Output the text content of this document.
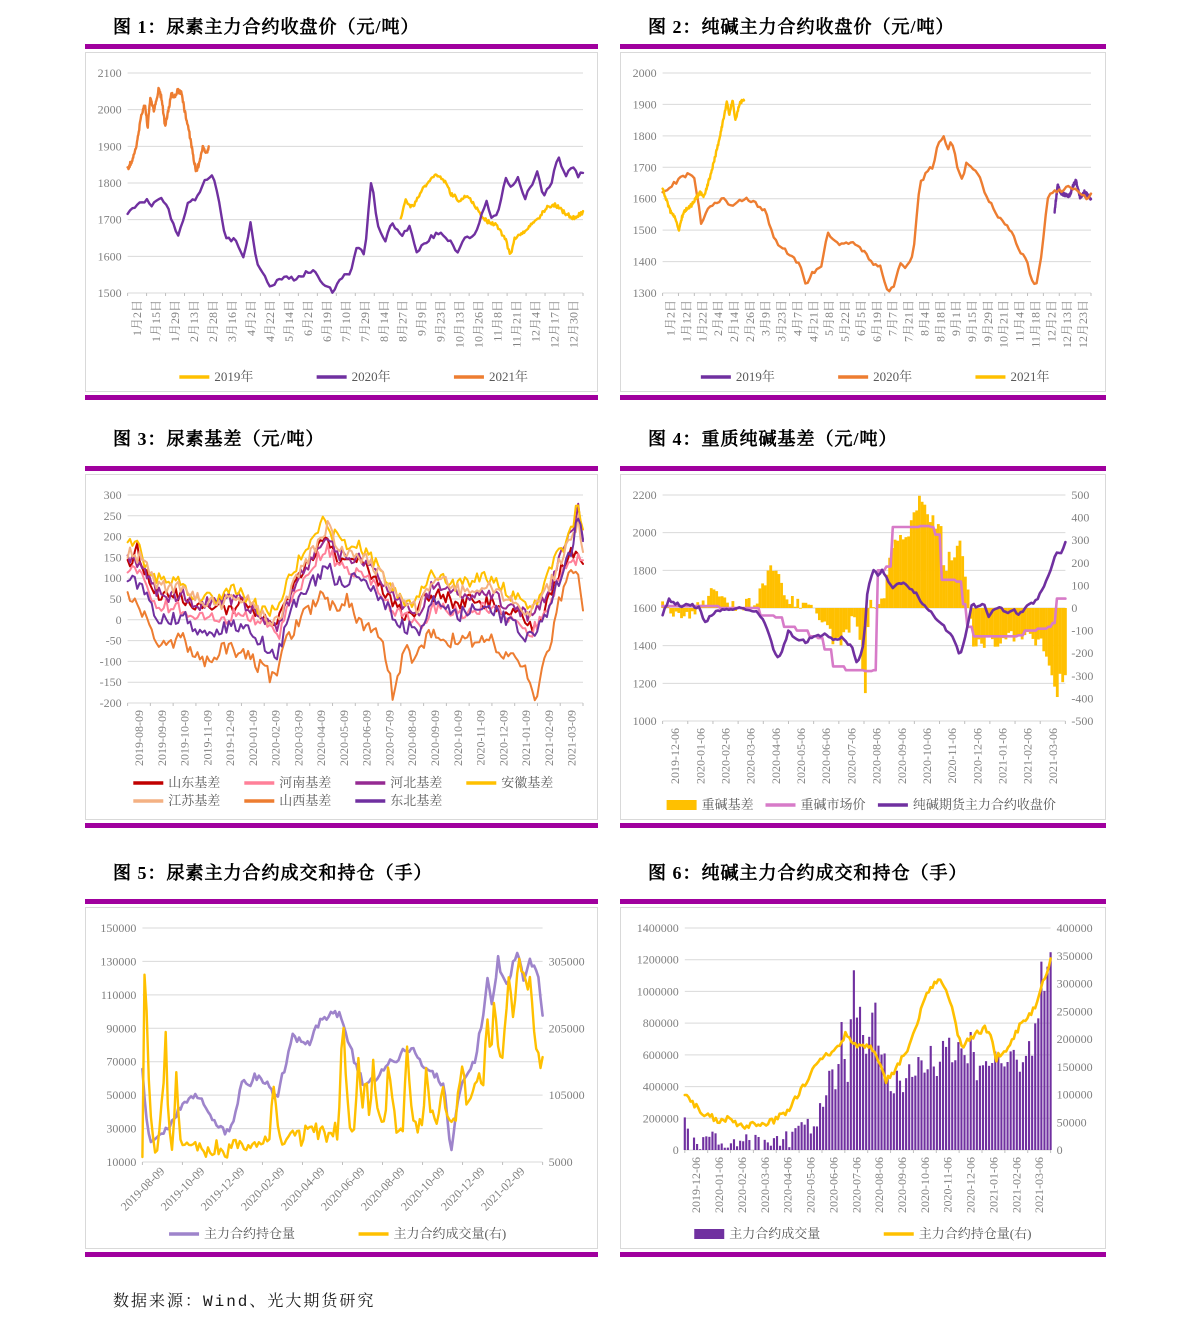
图 1：尿素主力合约收盘价（元/吨）
2100
2000
1900
1800
1700
1600
1500
1月2日 1月15日 1月29日 2月13日 2月28日 3月16日 4月2日 4月22日 5月14日 6月2日 6月19日 7月10日 7月29日 8月14日 8月27日 9月9日 9月23日 10月13日 10月26日 11月8日 11月21日 12月4日 12月17日 12月30日
2019年	2020年	2021年
图 2：纯碱主力合约收盘价（元/吨）
2000
1900
1800
1700
1600
1500
1400
1300
1月2日 1月12日 1月22日 2月4日 2月14日 2月26日 3月9日 3月23日 4月7日 4月21日 5月8日 5月22日 6月5日 6月19日 7月7日 7月21日 8月4日 8月18日 9月1日 9月15日 9月29日 10月21日 11月4日 11月18日 12月2日 12月13日 12月23日
2019年	2020年	2021年
图 3：尿素基差（元/吨）
300
250
200
150
100
50
0
-50
-100
-150
-200
2019-08-09 2019-09-09 2019-10-09 2019-11-09 2019-12-09 2020-01-09 2020-02-09 2020-03-09 2020-04-09 2020-05-09 2020-06-09 2020-07-09 2020-08-09 2020-09-09 2020-10-09 2020-11-09 2020-12-09 2021-01-09 2021-02-09 2021-03-09
山东基差	河南基差	河北基差	安徽基差
江苏基差	山西基差	东北基差
图 4：重质纯碱基差（元/吨）
2200
2000
1800
1600
1400
1200
1000
500
400
300
200
100
0
-100
-200
-300
-400
-500
2019-12-06 2020-01-06 2020-02-06 2020-03-06 2020-04-06 2020-05-06 2020-06-06 2020-07-06 2020-08-06 2020-09-06 2020-10-06 2020-11-06 2020-12-06 2021-01-06 2021-02-06 2021-03-06
重碱基差	重碱市场价	纯碱期货主力合约收盘价
图 5：尿素主力合约成交和持仓（手）
150000
130000
110000
90000
70000
50000
30000
10000
305000
205000
105000
5000
2019-08-09
2019-10-09
2019-12-09
2020-02-09
2020-04-09
2020-06-09
2020-08-09
2020-10-09
2020-12-09
2021-02-09
主力合约持仓量	主力合约成交量(右)
图 6：纯碱主力合约成交和持仓（手）
1400000
1200000
1000000
800000
600000
400000
200000
0
400000
350000
300000
250000
200000
150000
100000
50000
0
2019-12-06 2020-01-06 2020-02-06 2020-03-06 2020-04-06 2020-05-06 2020-06-06 2020-07-06 2020-08-06 2020-09-06 2020-10-06 2020-11-06 2020-12-06 2021-01-06 2021-02-06 2021-03-06
主力合约成交量	主力合约持仓量(右)
数据来源：Wind、光大期货研究
